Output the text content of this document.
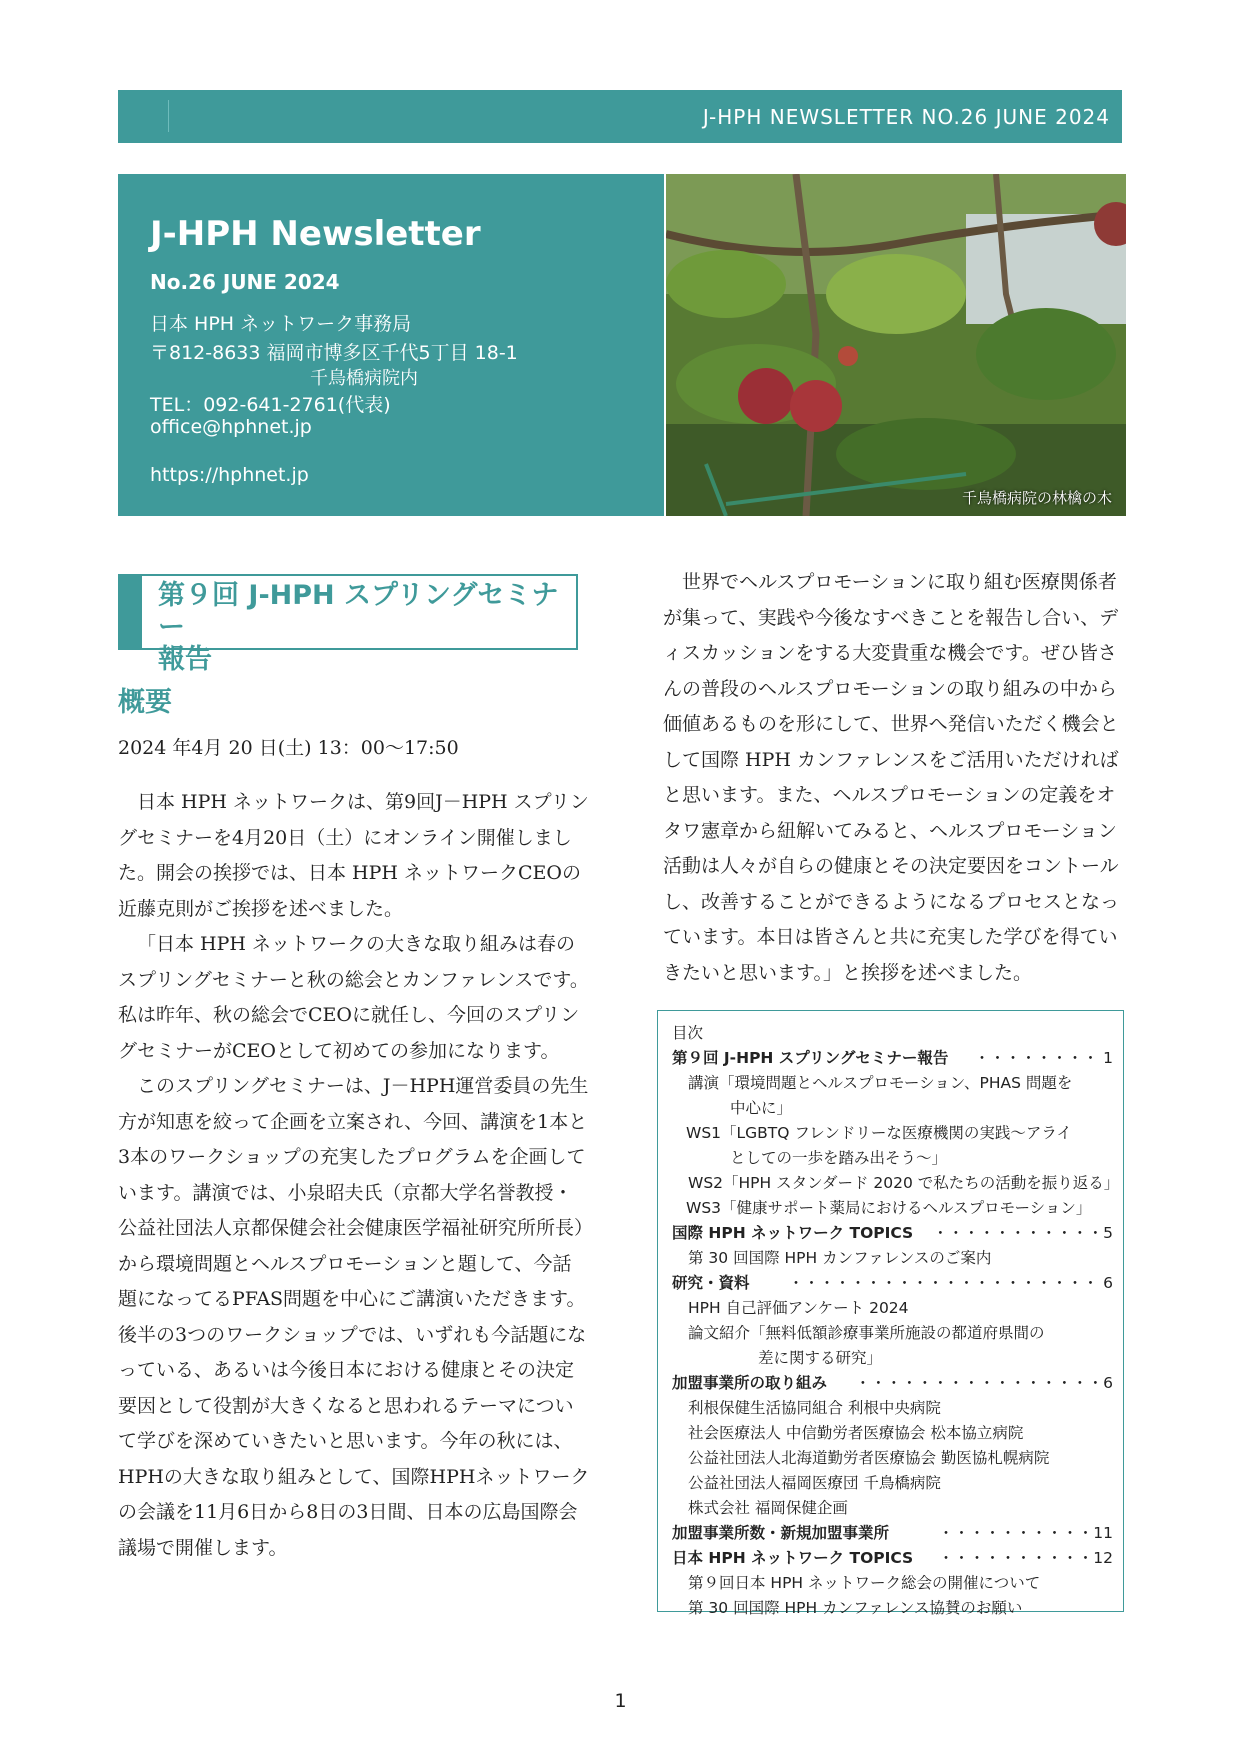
J-HPH NEWSLETTER NO.26 JUNE 2024
J-HPH Newsletter
No.26 JUNE 2024
日本 HPH ネットワーク事務局
〒812-8633 福岡市博多区千代5丁目 18-1
千鳥橋病院内
TEL：092-641-2761(代表)
office@hphnet.jp
https://hphnet.jp
千鳥橋病院の林檎の木
第９回 J-HPH スプリングセミナー
報告
概要
2024 年4月 20 日(土) 13：00～17:50

日本 HPH ネットワークは、第9回J－HPH スプリングセミナーを4月20日（土）にオンライン開催しました。開会の挨拶では、日本 HPH ネットワークCEOの近藤克則がご挨拶を述べました。

「日本 HPH ネットワークの大きな取り組みは春のスプリングセミナーと秋の総会とカンファレンスです。私は昨年、秋の総会でCEOに就任し、今回のスプリングセミナーがCEOとして初めての参加になります。

このスプリングセミナーは、J－HPH運営委員の先生方が知恵を絞って企画を立案され、今回、講演を1本と3本のワークショップの充実したプログラムを企画しています。講演では、小泉昭夫氏（京都大学名誉教授・公益社団法人京都保健会社会健康医学福祉研究所所長）から環境問題とヘルスプロモーションと題して、今話題になってるPFAS問題を中心にご講演いただきます。後半の3つのワークショップでは、いずれも今話題になっている、あるいは今後日本における健康とその決定要因として役割が大きくなると思われるテーマについて学びを深めていきたいと思います。今年の秋には、HPHの大きな取り組みとして、国際HPHネットワークの会議を11月6日から8日の3日間、日本の広島国際会議場で開催します。

世界でヘルスプロモーションに取り組む医療関係者が集って、実践や今後なすべきことを報告し合い、ディスカッションをする大変貴重な機会です。ぜひ皆さんの普段のヘルスプロモーションの取り組みの中から価値あるものを形にして、世界へ発信いただく機会として国際 HPH カンファレンスをご活用いただければと思います。また、ヘルスプロモーションの定義をオタワ憲章から紐解いてみると、ヘルスプロモーション活動は人々が自らの健康とその決定要因をコントールし、改善することができるようになるプロセスとなっています。本日は皆さんと共に充実した学びを得ていきたいと思います。」と挨拶を述べました。

目次
第９回 J-HPH スプリングセミナー報告 ・・・・・・・・ 1
講演「環境問題とヘルスプロモーション、PHAS 問題を
中心に」
WS1「LGBTQ フレンドリーな医療機関の実践～アライ
としての一歩を踏み出そう～」
WS2「HPH スタンダード 2020 で私たちの活動を振り返る」
WS3「健康サポート薬局におけるヘルスプロモーション」
国際 HPH ネットワーク TOPICS ・・・・・・・・・・・5
第 30 回国際 HPH カンファレンスのご案内
研究・資料 ・・・・・・・・・・・・・・・・・・・・ 6
HPH 自己評価アンケート 2024
論文紹介「無料低額診療事業所施設の都道府県間の
差に関する研究」
加盟事業所の取り組み ・・・・・・・・・・・・・・・・6
利根保健生活協同組合 利根中央病院
社会医療法人 中信勤労者医療協会 松本協立病院
公益社団法人北海道勤労者医療協会 勤医協札幌病院
公益社団法人福岡医療団 千鳥橋病院
株式会社 福岡保健企画
加盟事業所数・新規加盟事業所	・・・・・・・・・・11
日本 HPH ネットワーク TOPICS ・・・・・・・・・・12
第９回日本 HPH ネットワーク総会の開催について
第 30 回国際 HPH カンファレンス協賛のお願い
1
